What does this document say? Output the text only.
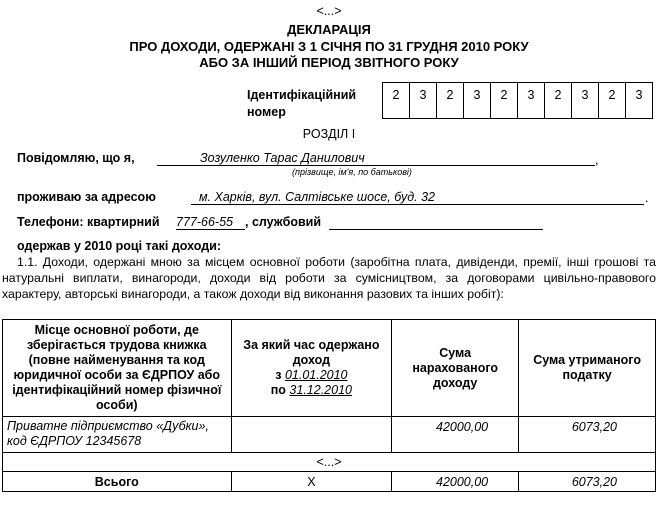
<...>
ДЕКЛАРАЦІЯ
ПРО ДОХОДИ, ОДЕРЖАНІ З 1 СІЧНЯ ПО 31 ГРУДНЯ 2010 РОКУ
АБО ЗА ІНШИЙ ПЕРІОД ЗВІТНОГО РОКУ
Ідентифікаційний
номер
2	3	2	3	2	3	2	3	2	3
РОЗДІЛ І
Повідомляю, що я,	Зозуленко Тарас Данилович	,
(прізвище, ім'я, по батькові)
проживаю за адресою	м. Харків, вул. Салтівське шосе, буд. 32	.
Телефони: квартирний 777-66-55 , службовий
одержав у 2010 році такі доходи:
1.1. Доходи, одержані мною за місцем основної роботи (заробітна плата, дивіденди, премії, інші грошові та натуральні виплати, винагороди, доходи від роботи за сумісництвом, за договорами цивільно-правового характеру, авторські винагороди, а також доходи від виконання разових та інших робіт):
Місце основної роботи, де зберігається трудова книжка (повне найменування та код юридичної особи за ЄДРПОУ або ідентифікаційний номер фізичної особи)	За який час одержано доход
з 01.01.2010
по 31.12.2010	Сума нарахованого доходу	Сума утриманого податку
Приватне підприємство «Дубки», код ЄДРПОУ 12345678		42000,00	6073,20
<...>			
Всього	Х	42000,00	6073,20
